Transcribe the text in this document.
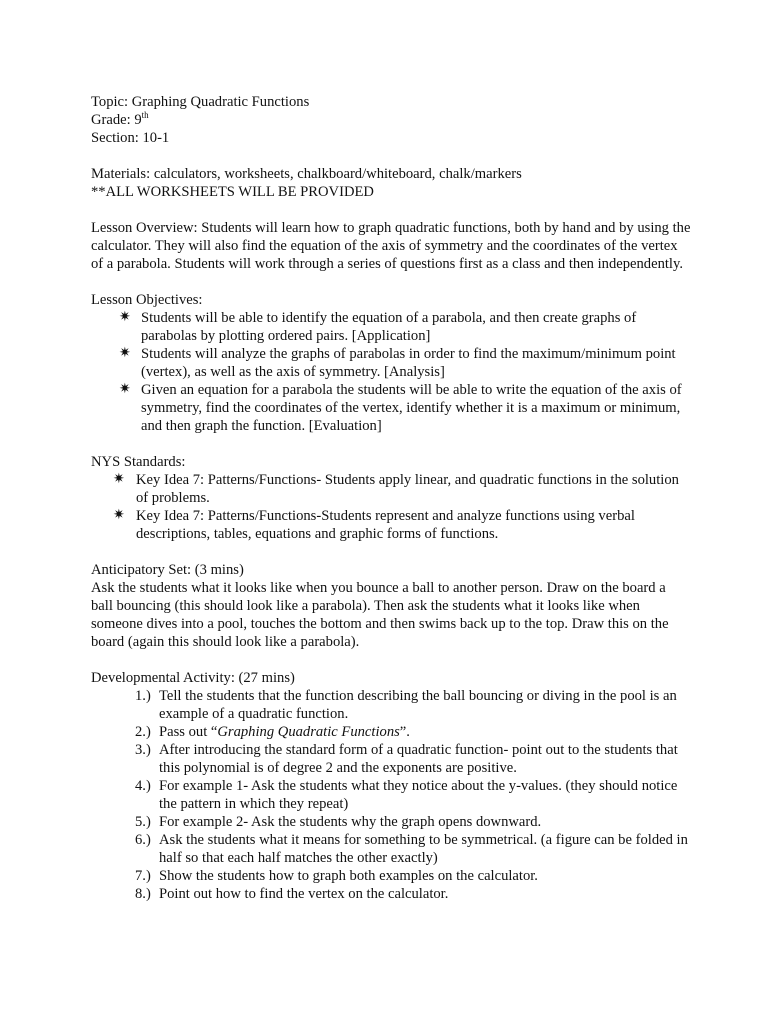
Topic: Graphing Quadratic Functions

Grade: 9th

Section: 10-1

Materials: calculators, worksheets, chalkboard/whiteboard, chalk/markers

**ALL WORKSHEETS WILL BE PROVIDED

Lesson Overview: Students will learn how to graph quadratic functions, both by hand and by using the calculator. They will also find the equation of the axis of symmetry and the coordinates of the vertex of a parabola. Students will work through a series of questions first as a class and then independently.

Lesson Objectives:

✷ Students will be able to identify the equation of a parabola, and then create graphs of parabolas by plotting ordered pairs. [Application]
✷ Students will analyze the graphs of parabolas in order to find the maximum/minimum point (vertex), as well as the axis of symmetry. [Analysis]
✷ Given an equation for a parabola the students will be able to write the equation of the axis of symmetry, find the coordinates of the vertex, identify whether it is a maximum or minimum, and then graph the function. [Evaluation]

NYS Standards:

✷ Key Idea 7: Patterns/Functions- Students apply linear, and quadratic functions in the solution of problems.
✷ Key Idea 7: Patterns/Functions-Students represent and analyze functions using verbal descriptions, tables, equations and graphic forms of functions.

Anticipatory Set: (3 mins)

Ask the students what it looks like when you bounce a ball to another person. Draw on the board a ball bouncing (this should look like a parabola). Then ask the students what it looks like when someone dives into a pool, touches the bottom and then swims back up to the top. Draw this on the board (again this should look like a parabola).

Developmental Activity: (27 mins)

1.) Tell the students that the function describing the ball bouncing or diving in the pool is an example of a quadratic function.
2.) Pass out “Graphing Quadratic Functions”.
3.) After introducing the standard form of a quadratic function- point out to the students that this polynomial is of degree 2 and the exponents are positive.
4.) For example 1- Ask the students what they notice about the y-values. (they should notice the pattern in which they repeat)
5.) For example 2- Ask the students why the graph opens downward.
6.) Ask the students what it means for something to be symmetrical. (a figure can be folded in half so that each half matches the other exactly)
7.) Show the students how to graph both examples on the calculator.
8.) Point out how to find the vertex on the calculator.
